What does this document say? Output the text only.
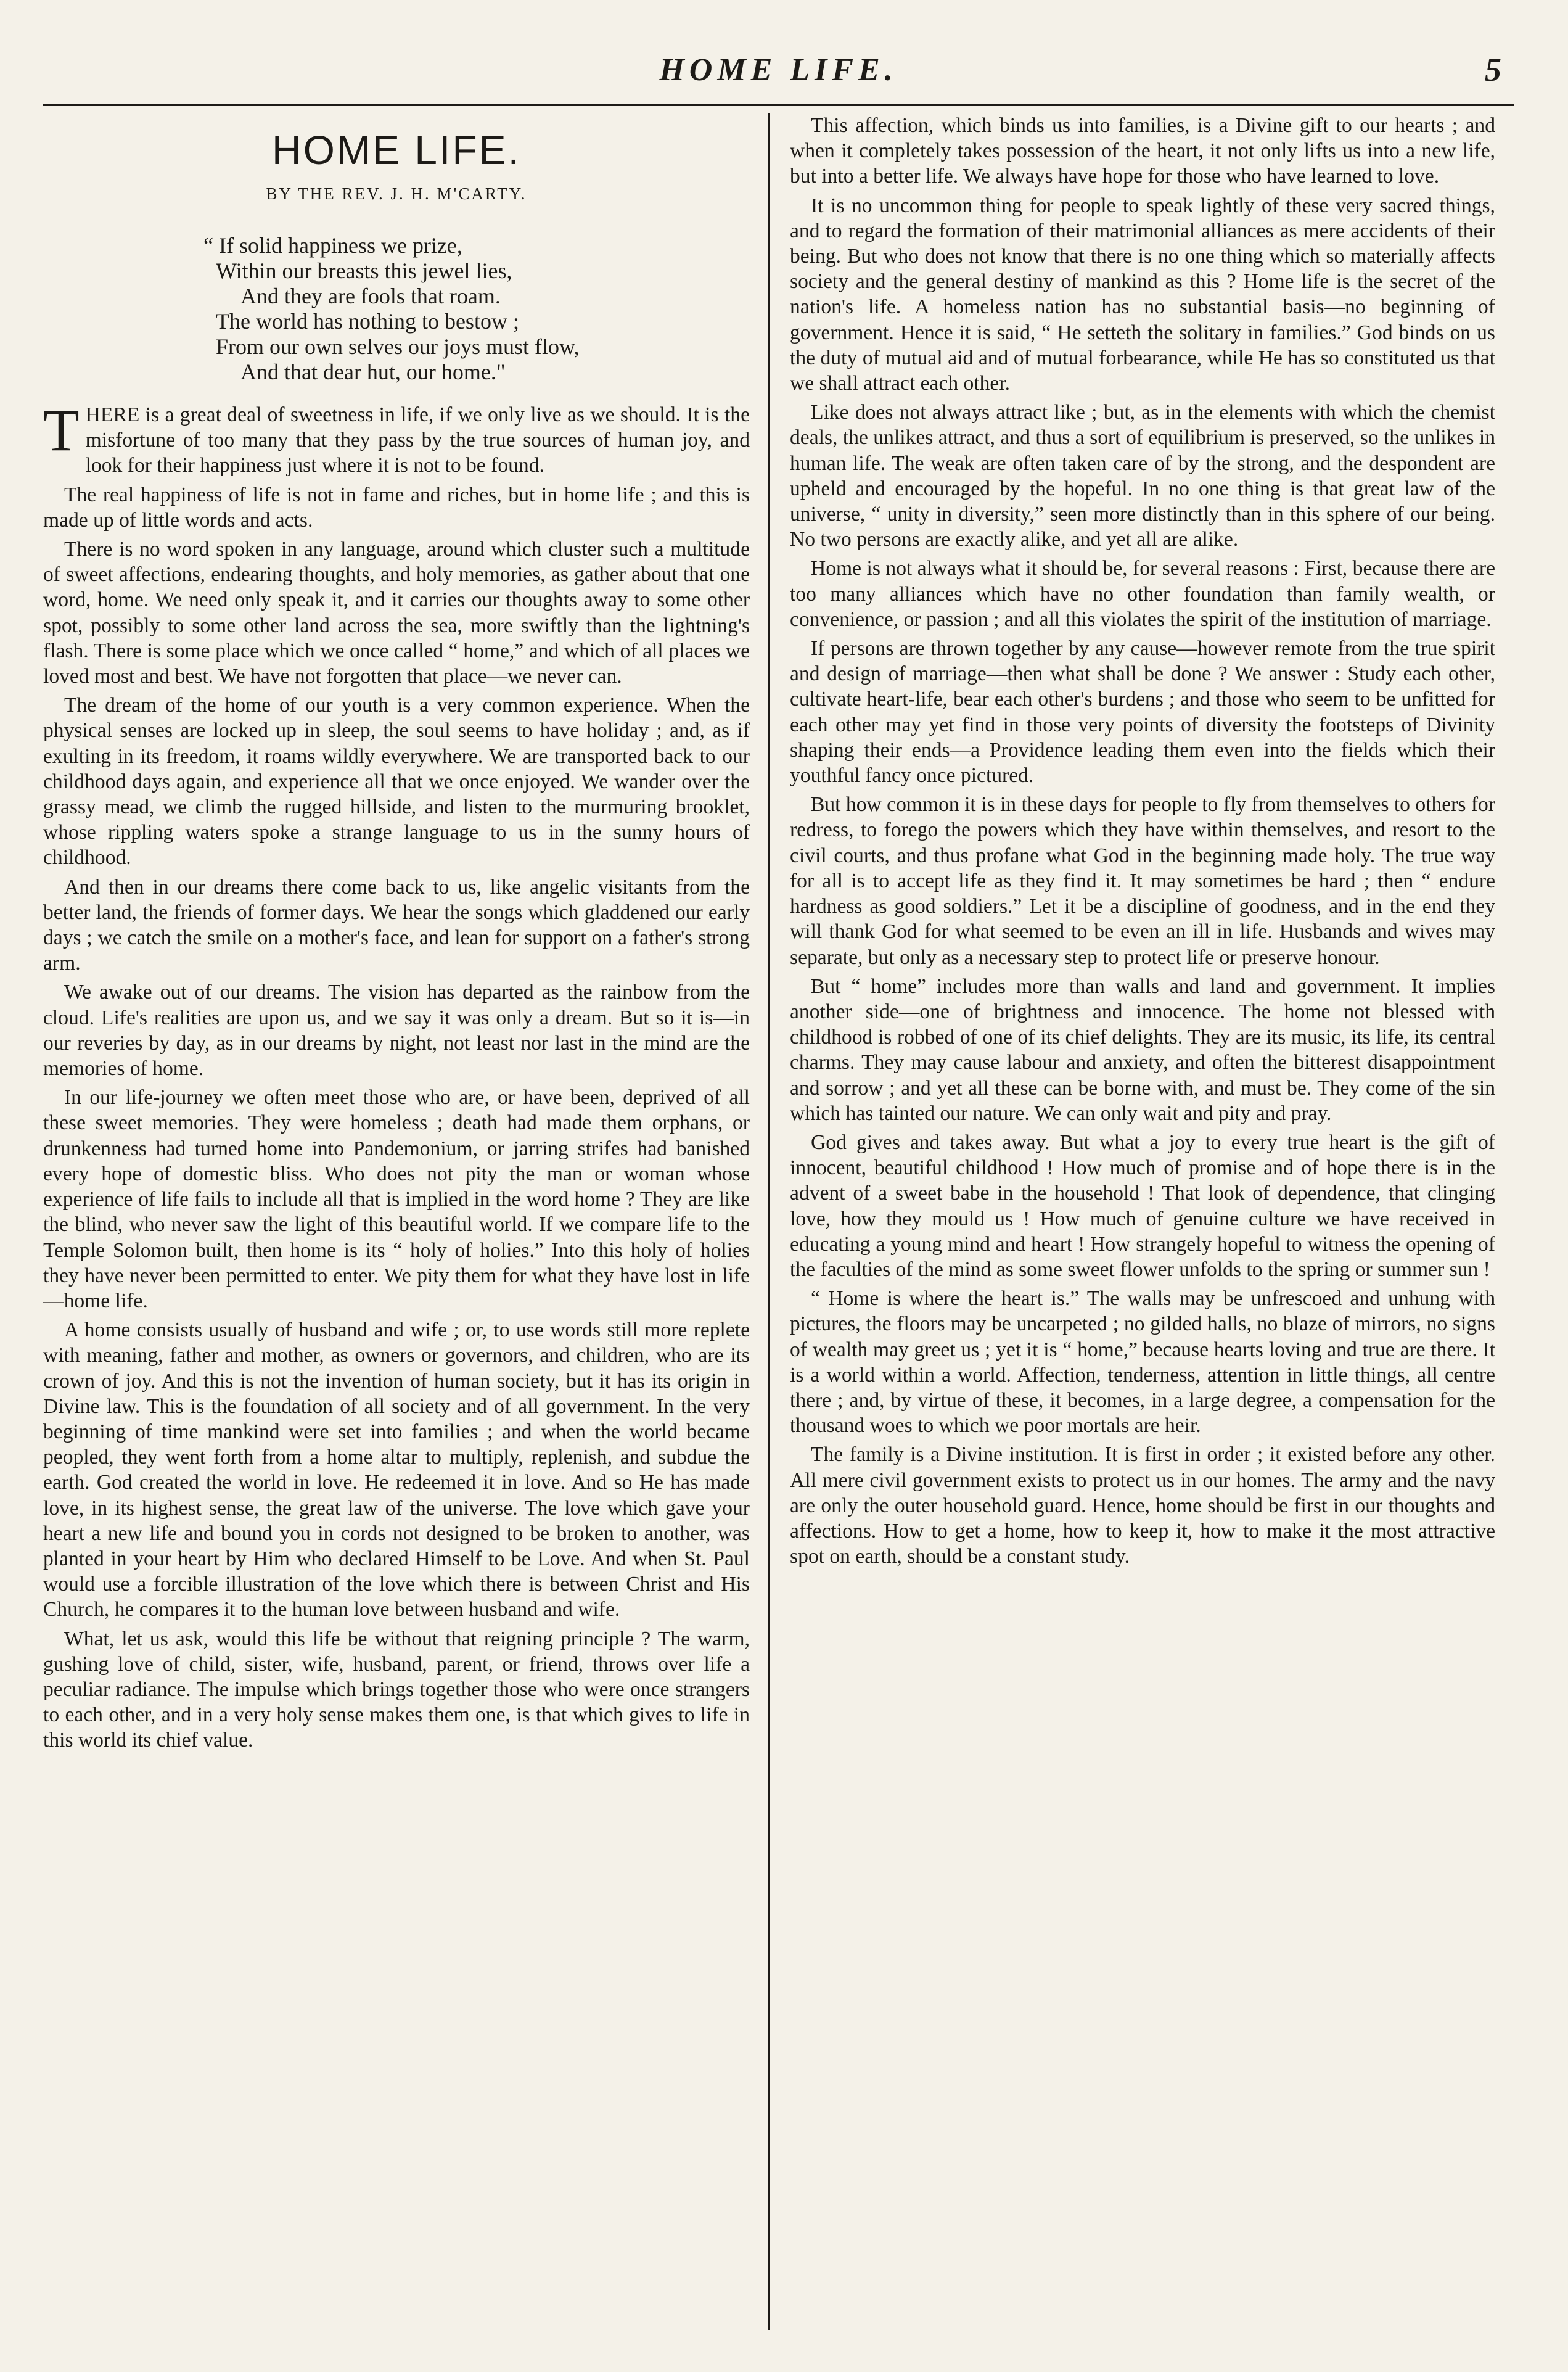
HOME LIFE.	5
HOME LIFE.
BY THE REV. J. H. M'CARTY.
“ If solid happiness we prize,
Within our breasts this jewel lies,
And they are fools that roam.
The world has nothing to bestow ;
From our own selves our joys must flow,
And that dear hut, our home."

THERE is a great deal of sweetness in life, if we only live as we should. It is the misfortune of too many that they pass by the true sources of human joy, and look for their happiness just where it is not to be found.

The real happiness of life is not in fame and riches, but in home life ; and this is made up of little words and acts.

There is no word spoken in any language, around which cluster such a multitude of sweet affections, endearing thoughts, and holy memories, as gather about that one word, home. We need only speak it, and it carries our thoughts away to some other spot, possibly to some other land across the sea, more swiftly than the lightning's flash. There is some place which we once called “ home,” and which of all places we loved most and best. We have not forgotten that place—we never can.

The dream of the home of our youth is a very common experience. When the physical senses are locked up in sleep, the soul seems to have holiday ; and, as if exulting in its freedom, it roams wildly everywhere. We are transported back to our childhood days again, and experience all that we once enjoyed. We wander over the grassy mead, we climb the rugged hillside, and listen to the murmuring brooklet, whose rippling waters spoke a strange language to us in the sunny hours of childhood.

And then in our dreams there come back to us, like angelic visitants from the better land, the friends of former days. We hear the songs which gladdened our early days ; we catch the smile on a mother's face, and lean for support on a father's strong arm.

We awake out of our dreams. The vision has departed as the rainbow from the cloud. Life's realities are upon us, and we say it was only a dream. But so it is—in our reveries by day, as in our dreams by night, not least nor last in the mind are the memories of home.

In our life-journey we often meet those who are, or have been, deprived of all these sweet memories. They were homeless ; death had made them orphans, or drunkenness had turned home into Pandemonium, or jarring strifes had banished every hope of domestic bliss. Who does not pity the man or woman whose experience of life fails to include all that is implied in the word home ? They are like the blind, who never saw the light of this beautiful world. If we compare life to the Temple Solomon built, then home is its “ holy of holies.” Into this holy of holies they have never been permitted to enter. We pity them for what they have lost in life—home life.

A home consists usually of husband and wife ; or, to use words still more replete with meaning, father and mother, as owners or governors, and children, who are its crown of joy. And this is not the invention of human society, but it has its origin in Divine law. This is the foundation of all society and of all government. In the very beginning of time mankind were set into families ; and when the world became peopled, they went forth from a home altar to multiply, replenish, and subdue the earth. God created the world in love. He redeemed it in love. And so He has made love, in its highest sense, the great law of the universe. The love which gave your heart a new life and bound you in cords not designed to be broken to another, was planted in your heart by Him who declared Himself to be Love. And when St. Paul would use a forcible illustration of the love which there is between Christ and His Church, he compares it to the human love between husband and wife.

What, let us ask, would this life be without that reigning principle ? The warm, gushing love of child, sister, wife, husband, parent, or friend, throws over life a peculiar radiance. The impulse which brings together those who were once strangers to each other, and in a very holy sense makes them one, is that which gives to life in this world its chief value.

This affection, which binds us into families, is a Divine gift to our hearts ; and when it completely takes possession of the heart, it not only lifts us into a new life, but into a better life. We always have hope for those who have learned to love.

It is no uncommon thing for people to speak lightly of these very sacred things, and to regard the formation of their matrimonial alliances as mere accidents of their being. But who does not know that there is no one thing which so materially affects society and the general destiny of mankind as this ? Home life is the secret of the nation's life. A homeless nation has no substantial basis—no beginning of government. Hence it is said, “ He setteth the solitary in families.” God binds on us the duty of mutual aid and of mutual forbearance, while He has so constituted us that we shall attract each other.

Like does not always attract like ; but, as in the elements with which the chemist deals, the unlikes attract, and thus a sort of equilibrium is preserved, so the unlikes in human life. The weak are often taken care of by the strong, and the despondent are upheld and encouraged by the hopeful. In no one thing is that great law of the universe, “ unity in diversity,” seen more distinctly than in this sphere of our being. No two persons are exactly alike, and yet all are alike.

Home is not always what it should be, for several reasons : First, because there are too many alliances which have no other foundation than family wealth, or convenience, or passion ; and all this violates the spirit of the institution of marriage.

If persons are thrown together by any cause—however remote from the true spirit and design of marriage—then what shall be done ? We answer : Study each other, cultivate heart-life, bear each other's burdens ; and those who seem to be unfitted for each other may yet find in those very points of diversity the footsteps of Divinity shaping their ends—a Providence leading them even into the fields which their youthful fancy once pictured.

But how common it is in these days for people to fly from themselves to others for redress, to forego the powers which they have within themselves, and resort to the civil courts, and thus profane what God in the beginning made holy. The true way for all is to accept life as they find it. It may sometimes be hard ; then “ endure hardness as good soldiers.” Let it be a discipline of goodness, and in the end they will thank God for what seemed to be even an ill in life. Husbands and wives may separate, but only as a necessary step to protect life or preserve honour.

But “ home” includes more than walls and land and government. It implies another side—one of brightness and innocence. The home not blessed with childhood is robbed of one of its chief delights. They are its music, its life, its central charms. They may cause labour and anxiety, and often the bitterest disappointment and sorrow ; and yet all these can be borne with, and must be. They come of the sin which has tainted our nature. We can only wait and pity and pray.

God gives and takes away. But what a joy to every true heart is the gift of innocent, beautiful childhood ! How much of promise and of hope there is in the advent of a sweet babe in the household ! That look of dependence, that clinging love, how they mould us ! How much of genuine culture we have received in educating a young mind and heart ! How strangely hopeful to witness the opening of the faculties of the mind as some sweet flower unfolds to the spring or summer sun !

“ Home is where the heart is.” The walls may be unfrescoed and unhung with pictures, the floors may be uncarpeted ; no gilded halls, no blaze of mirrors, no signs of wealth may greet us ; yet it is “ home,” because hearts loving and true are there. It is a world within a world. Affection, tenderness, attention in little things, all centre there ; and, by virtue of these, it becomes, in a large degree, a compensation for the thousand woes to which we poor mortals are heir.

The family is a Divine institution. It is first in order ; it existed before any other. All mere civil government exists to protect us in our homes. The army and the navy are only the outer household guard. Hence, home should be first in our thoughts and affections. How to get a home, how to keep it, how to make it the most attractive spot on earth, should be a constant study.
